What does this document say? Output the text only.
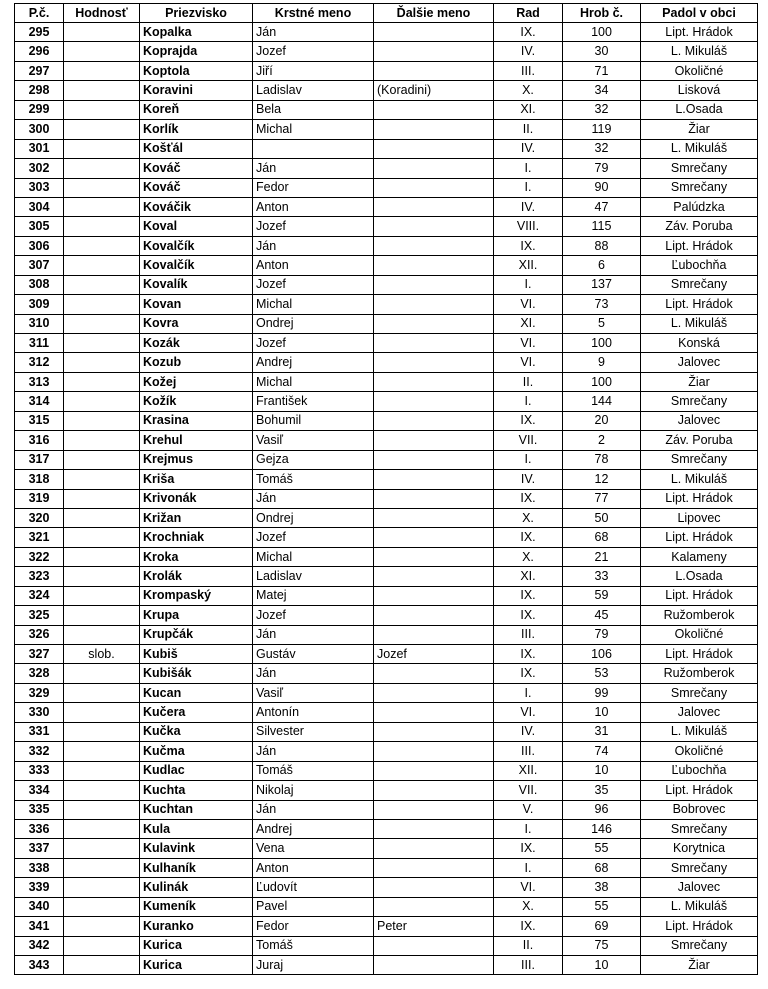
P.č.	Hodnosť	Priezvisko	Krstné meno	Ďalšie meno	Rad	Hrob č.	Padol v obci
295		Kopalka	Ján		IX.	100	Lipt. Hrádok
296		Koprajda	Jozef		IV.	30	L. Mikuláš
297		Koptola	Jiří		III.	71	Okoličné
298		Koravini	Ladislav	(Koradini)	X.	34	Lisková
299		Koreň	Bela		XI.	32	L.Osada
300		Korlík	Michal		II.	119	Žiar
301		Košťál			IV.	32	L. Mikuláš
302		Kováč	Ján		I.	79	Smrečany
303		Kováč	Fedor		I.	90	Smrečany
304		Kováčik	Anton		IV.	47	Palúdzka
305		Koval	Jozef		VIII.	115	Záv. Poruba
306		Kovalčík	Ján		IX.	88	Lipt. Hrádok
307		Kovalčík	Anton		XII.	6	Ľubochňa
308		Kovalík	Jozef		I.	137	Smrečany
309		Kovan	Michal		VI.	73	Lipt. Hrádok
310		Kovra	Ondrej		XI.	5	L. Mikuláš
311		Kozák	Jozef		VI.	100	Konská
312		Kozub	Andrej		VI.	9	Jalovec
313		Kožej	Michal		II.	100	Žiar
314		Kožík	František		I.	144	Smrečany
315		Krasina	Bohumil		IX.	20	Jalovec
316		Krehul	Vasiľ		VII.	2	Záv. Poruba
317		Krejmus	Gejza		I.	78	Smrečany
318		Kriša	Tomáš		IV.	12	L. Mikuláš
319		Krivonák	Ján		IX.	77	Lipt. Hrádok
320		Križan	Ondrej		X.	50	Lipovec
321		Krochniak	Jozef		IX.	68	Lipt. Hrádok
322		Kroka	Michal		X.	21	Kalameny
323		Krolák	Ladislav		XI.	33	L.Osada
324		Krompaský	Matej		IX.	59	Lipt. Hrádok
325		Krupa	Jozef		IX.	45	Ružomberok
326		Krupčák	Ján		III.	79	Okoličné
327	slob.	Kubiš	Gustáv	Jozef	IX.	106	Lipt. Hrádok
328		Kubišák	Ján		IX.	53	Ružomberok
329		Kucan	Vasiľ		I.	99	Smrečany
330		Kučera	Antonín		VI.	10	Jalovec
331		Kučka	Silvester		IV.	31	L. Mikuláš
332		Kučma	Ján		III.	74	Okoličné
333		Kudlac	Tomáš		XII.	10	Ľubochňa
334		Kuchta	Nikolaj		VII.	35	Lipt. Hrádok
335		Kuchtan	Ján		V.	96	Bobrovec
336		Kula	Andrej		I.	146	Smrečany
337		Kulavink	Vena		IX.	55	Korytnica
338		Kulhaník	Anton		I.	68	Smrečany
339		Kulinák	Ľudovít		VI.	38	Jalovec
340		Kumeník	Pavel		X.	55	L. Mikuláš
341		Kuranko	Fedor	Peter	IX.	69	Lipt. Hrádok
342		Kurica	Tomáš		II.	75	Smrečany
343		Kurica	Juraj		III.	10	Žiar
